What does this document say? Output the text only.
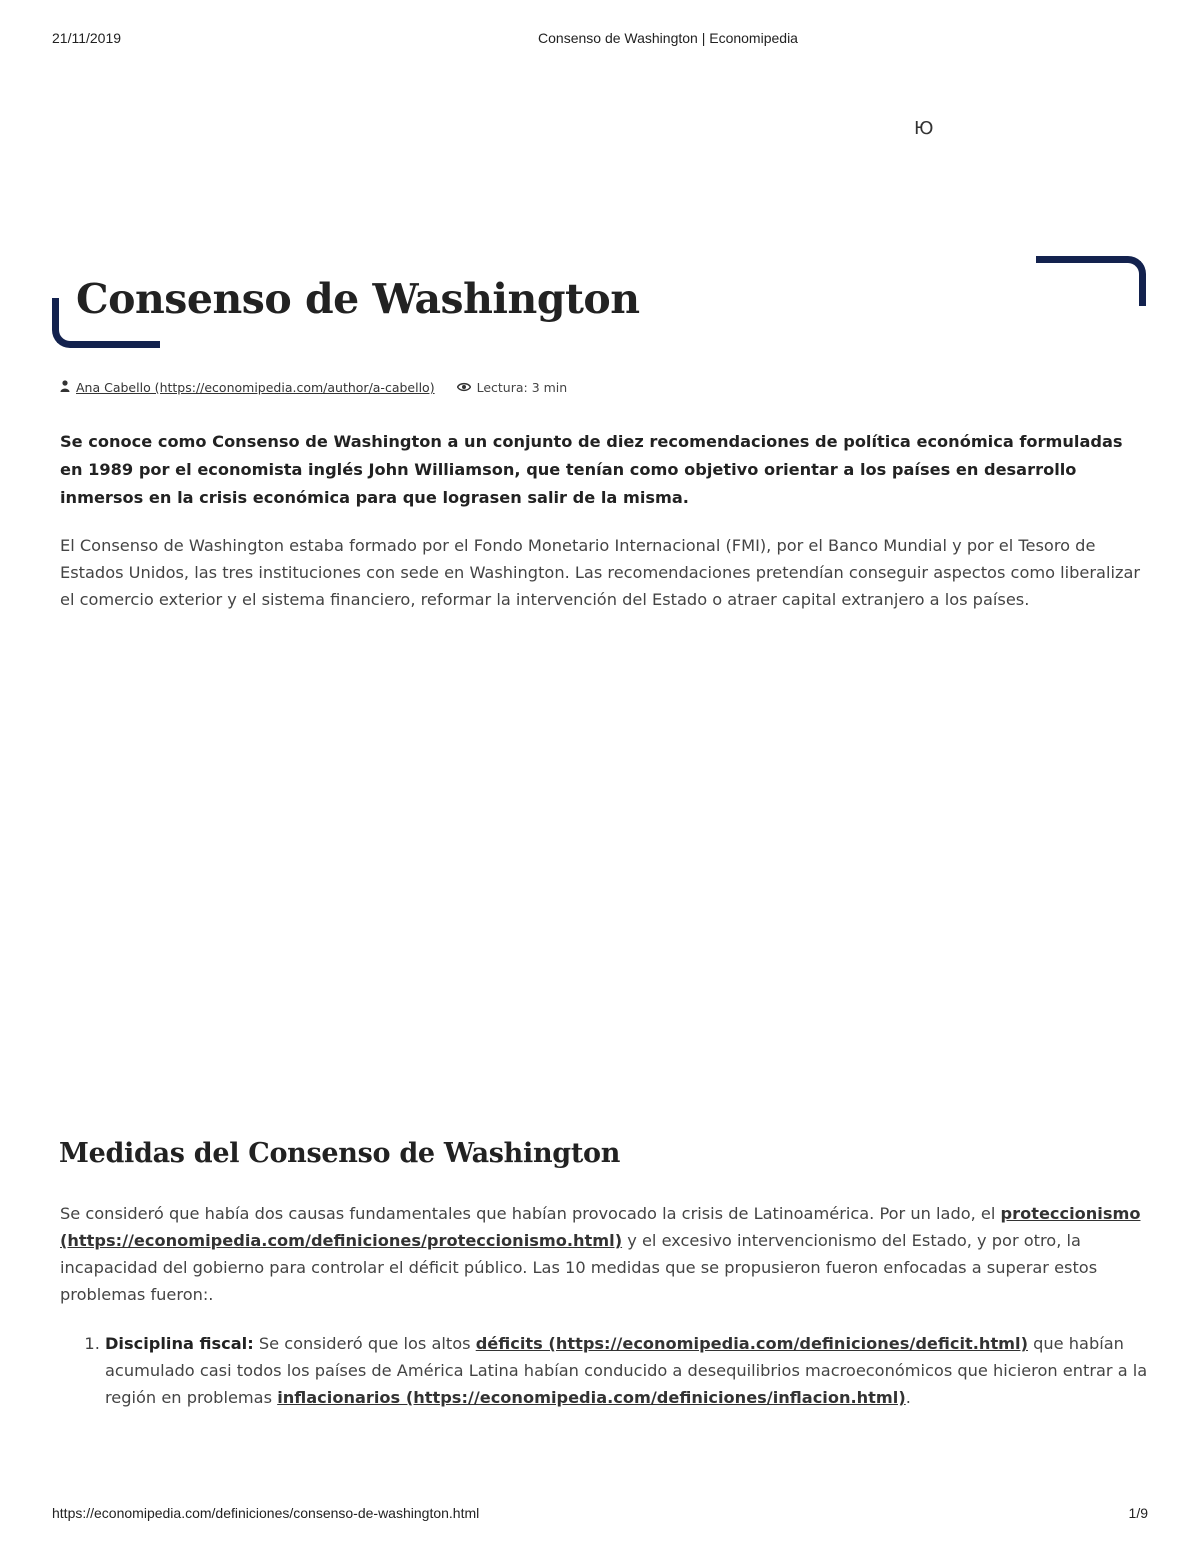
21/11/2019	Consenso de Washington | Economipedia
Ю
Consenso de Washington
Ana Cabello (https://economipedia.com/author/a-cabello)	Lectura: 3 min

Se conoce como Consenso de Washington a un conjunto de diez recomendaciones de política económica formuladas en 1989 por el economista inglés John Williamson, que tenían como objetivo orientar a los países en desarrollo inmersos en la crisis económica para que lograsen salir de la misma.

El Consenso de Washington estaba formado por el Fondo Monetario Internacional (FMI), por el Banco Mundial y por el Tesoro de Estados Unidos, las tres instituciones con sede en Washington. Las recomendaciones pretendían conseguir aspectos como liberalizar el comercio exterior y el sistema financiero, reformar la intervención del Estado o atraer capital extranjero a los países.

Medidas del Consenso de Washington

Se consideró que había dos causas fundamentales que habían provocado la crisis de Latinoamérica. Por un lado, el proteccionismo (https://economipedia.com/definiciones/proteccionismo.html) y el excesivo intervencionismo del Estado, y por otro, la incapacidad del gobierno para controlar el déficit público. Las 10 medidas que se propusieron fueron enfocadas a superar estos problemas fueron:.

1. Disciplina fiscal: Se consideró que los altos déficits (https://economipedia.com/definiciones/deficit.html) que habían acumulado casi todos los países de América Latina habían conducido a desequilibrios macroeconómicos que hicieron entrar a la región en problemas inflacionarios (https://economipedia.com/definiciones/inflacion.html).
https://economipedia.com/definiciones/consenso-de-washington.html	1/9
